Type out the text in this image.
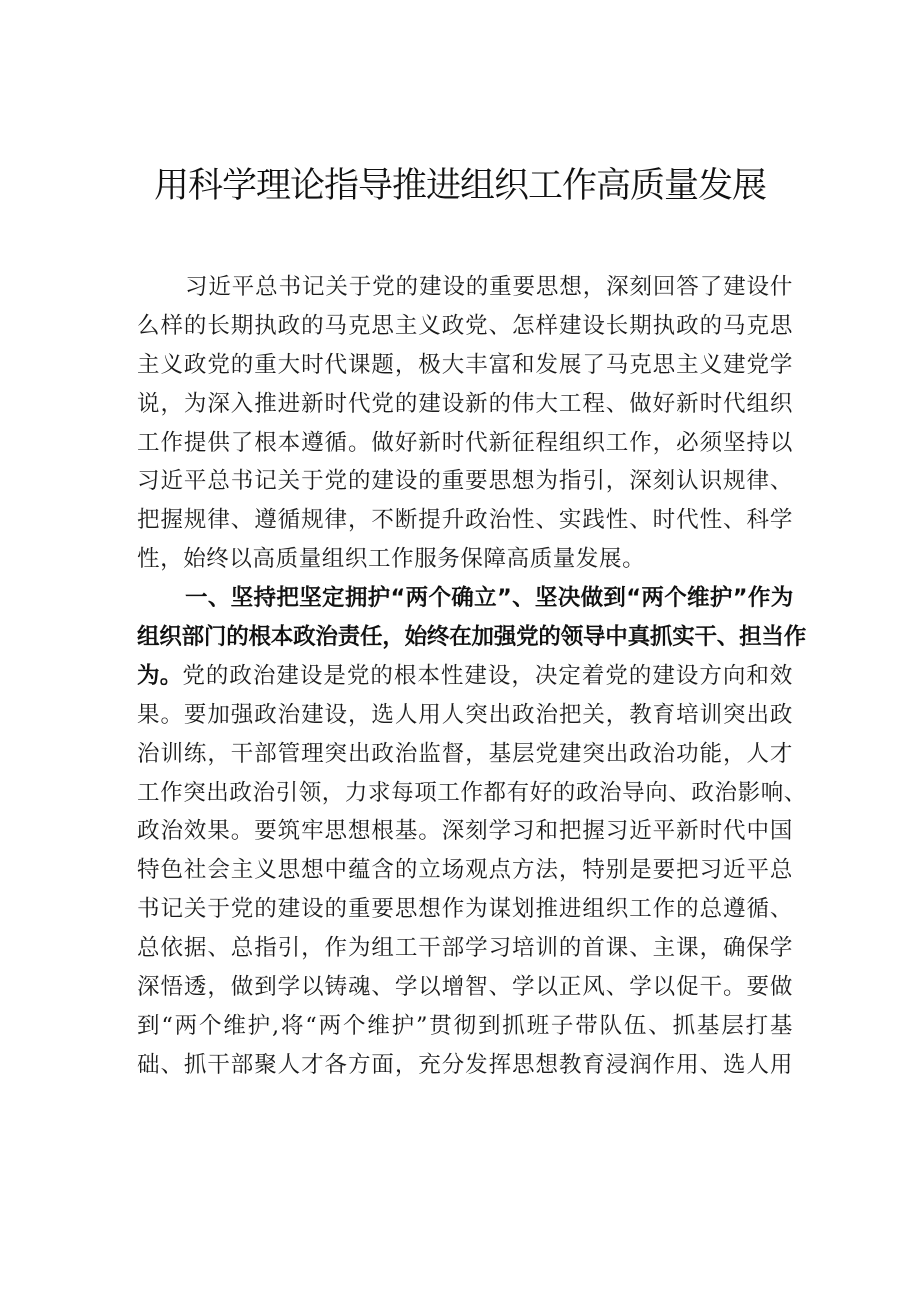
用科学理论指导推进组织工作高质量发展
习近平总书记关于党的建设的重要思想，深刻回答了建设什
么样的长期执政的马克思主义政党、怎样建设长期执政的马克思
主义政党的重大时代课题，极大丰富和发展了马克思主义建党学
说，为深入推进新时代党的建设新的伟大工程、做好新时代组织
工作提供了根本遵循。做好新时代新征程组织工作，必须坚持以
习近平总书记关于党的建设的重要思想为指引，深刻认识规律、
把握规律、遵循规律，不断提升政治性、实践性、时代性、科学
性，始终以高质量组织工作服务保障高质量发展。
一、坚持把坚定拥护“两个确立”、坚决做到“两个维护”作为
组织部门的根本政治责任，始终在加强党的领导中真抓实干、担当作
为。党的政治建设是党的根本性建设，决定着党的建设方向和效
果。要加强政治建设，选人用人突出政治把关，教育培训突出政
治训练，干部管理突出政治监督，基层党建突出政治功能，人才
工作突出政治引领，力求每项工作都有好的政治导向、政治影响、
政治效果。要筑牢思想根基。深刻学习和把握习近平新时代中国
特色社会主义思想中蕴含的立场观点方法，特别是要把习近平总
书记关于党的建设的重要思想作为谋划推进组织工作的总遵循、
总依据、总指引，作为组工干部学习培训的首课、主课，确保学
深悟透，做到学以铸魂、学以增智、学以正风、学以促干。要做
到“两个维护,将“两个维护”贯彻到抓班子带队伍、抓基层打基
础、抓干部聚人才各方面，充分发挥思想教育浸润作用、选人用
